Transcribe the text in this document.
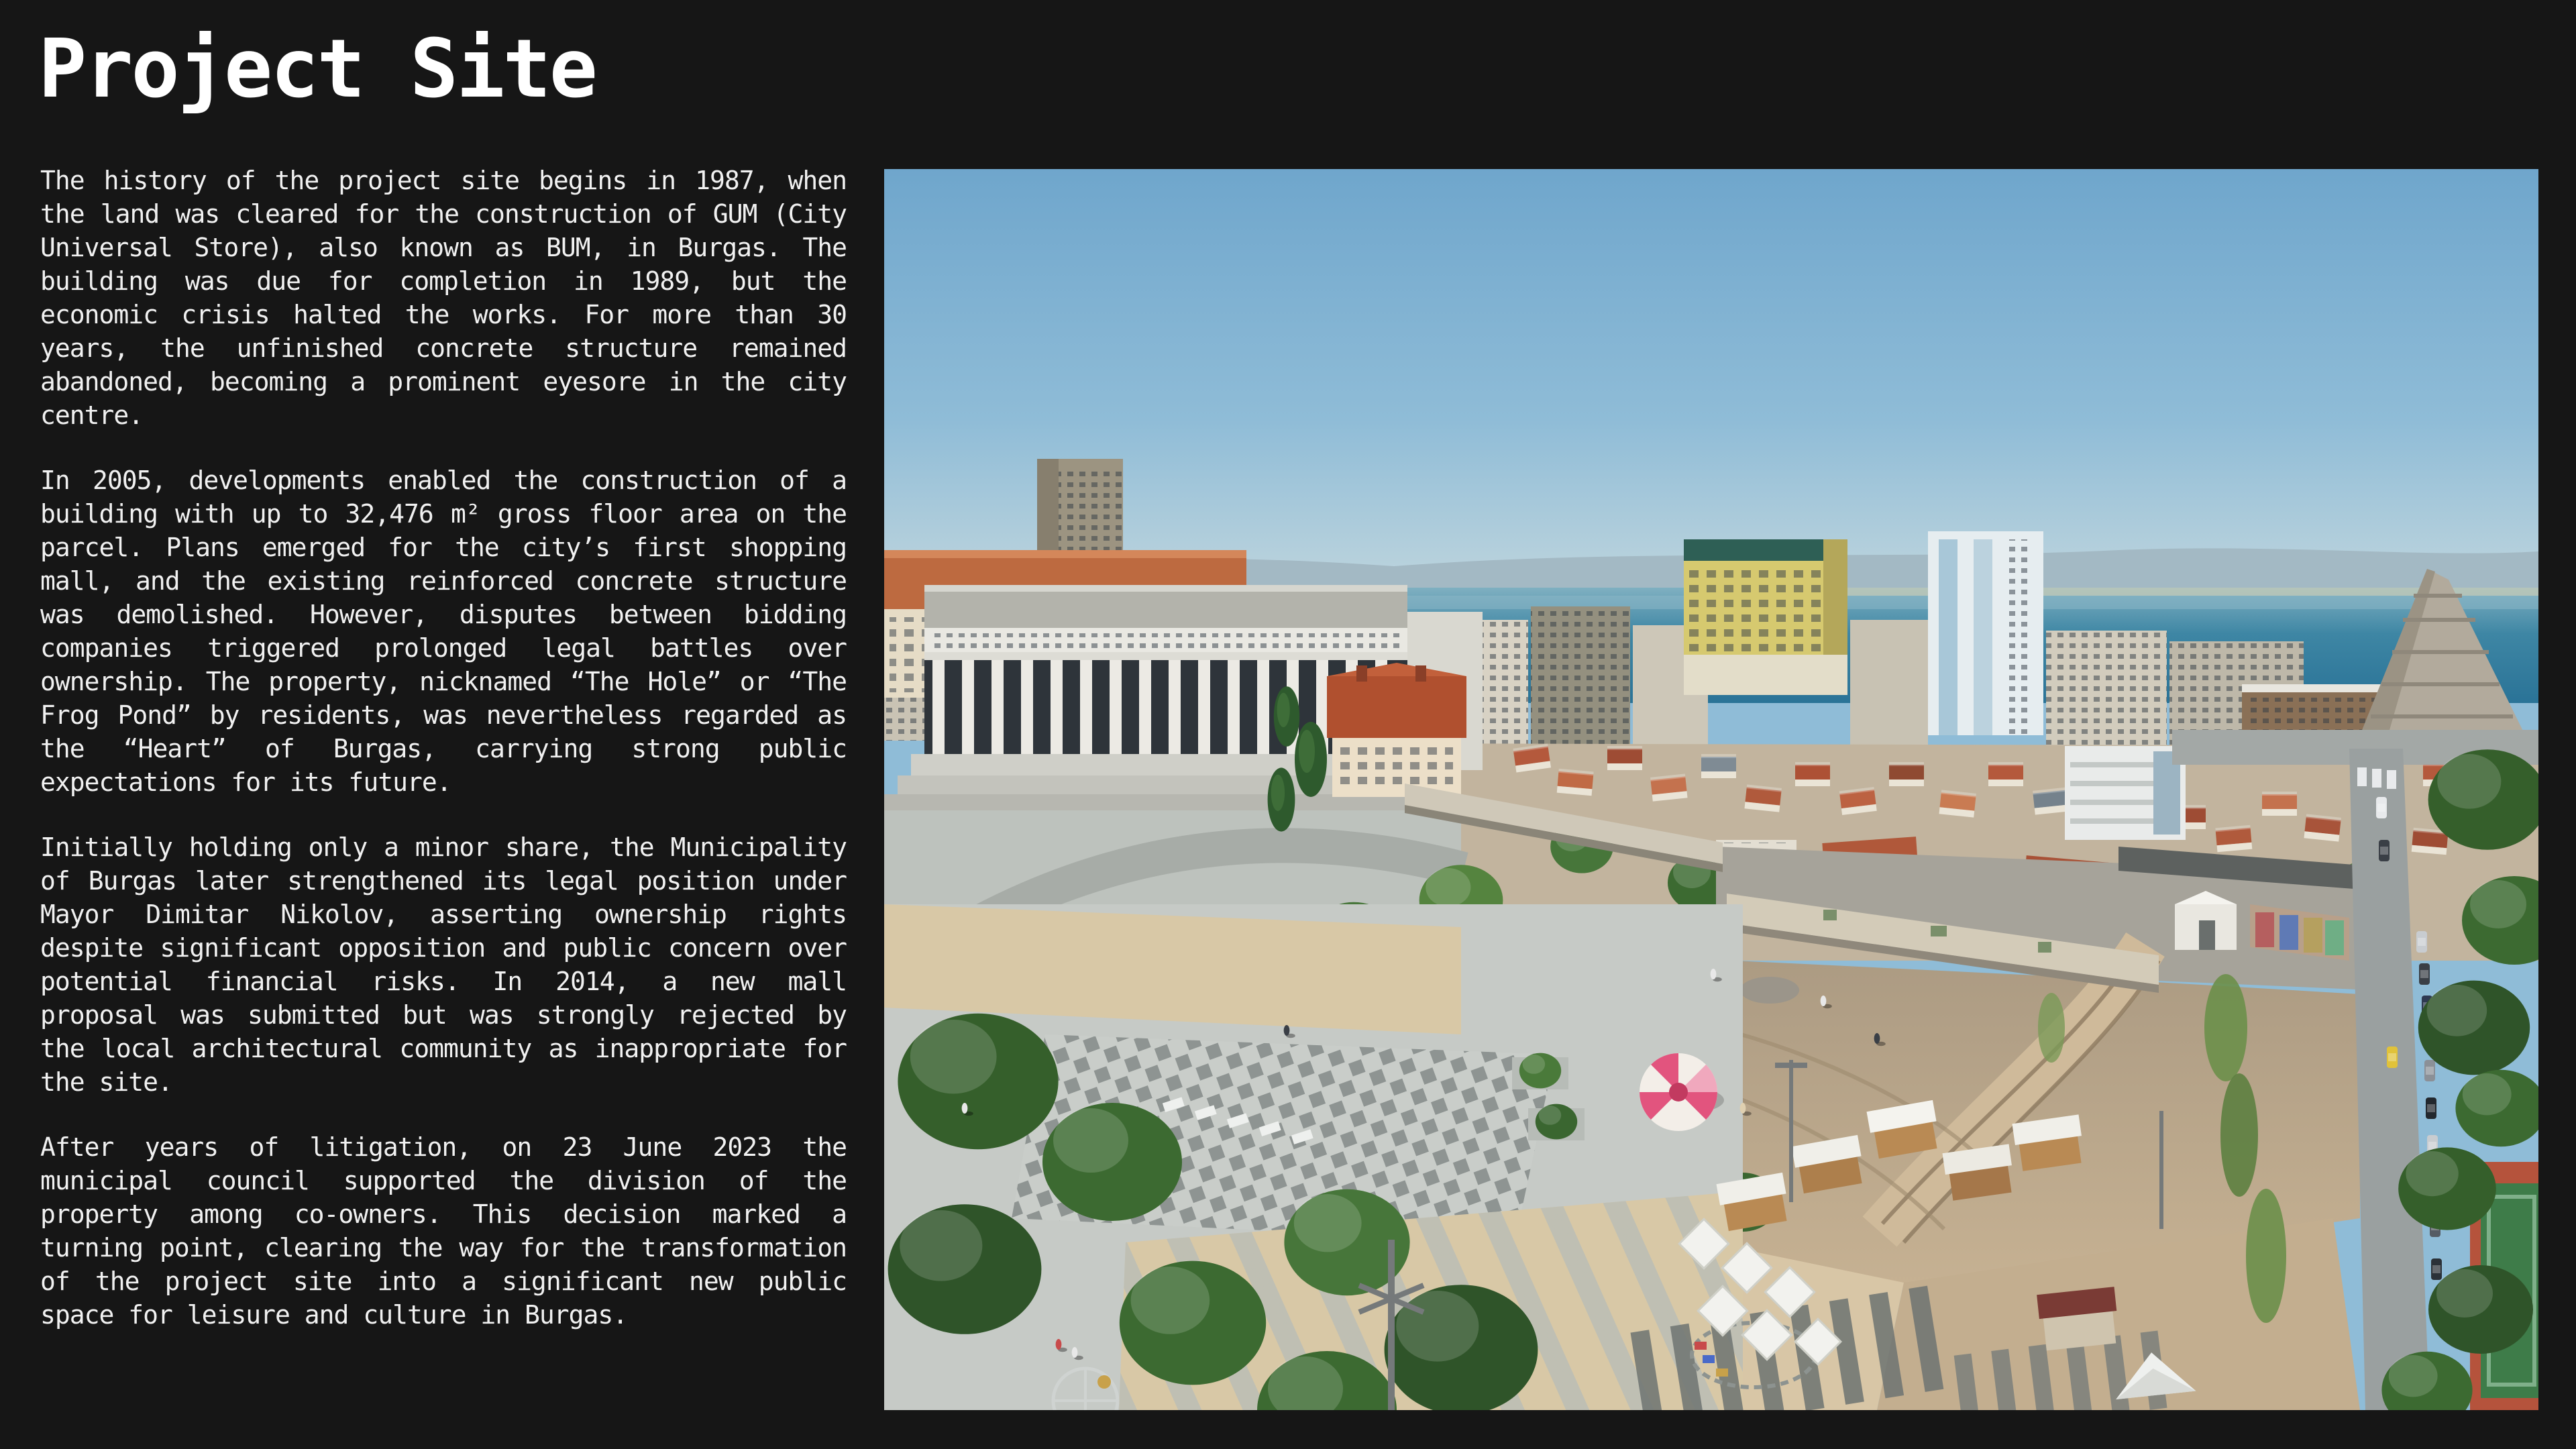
Project Site

The history of the project site begins in 1987, when the land was cleared for the construction of GUM (City Universal Store), also known as BUM, in Burgas. The building was due for completion in 1989, but the economic crisis halted the works. For more than 30 years, the unfinished concrete structure remained abandoned, becoming a prominent eyesore in the city centre.

In 2005, developments enabled the construction of a building with up to 32,476 m² gross floor area on the parcel. Plans emerged for the city’s first shopping mall, and the existing reinforced concrete structure was demolished. However, disputes between bidding companies triggered prolonged legal battles over ownership. The property, nicknamed “The Hole” or “The Frog Pond” by residents, was nevertheless regarded as the “Heart” of Burgas, carrying strong public expectations for its future.

Initially holding only a minor share, the Municipality of Burgas later strengthened its legal position under Mayor Dimitar Nikolov, asserting ownership rights despite significant opposition and public concern over potential financial risks. In 2014, a new mall proposal was submitted but was strongly rejected by the local architectural community as inappropriate for the site.

After years of litigation, on 23 June 2023 the municipal council supported the division of the property among co-owners. This decision marked a turning point, clearing the way for the transformation of the project site into a significant new public space for leisure and culture in Burgas.
